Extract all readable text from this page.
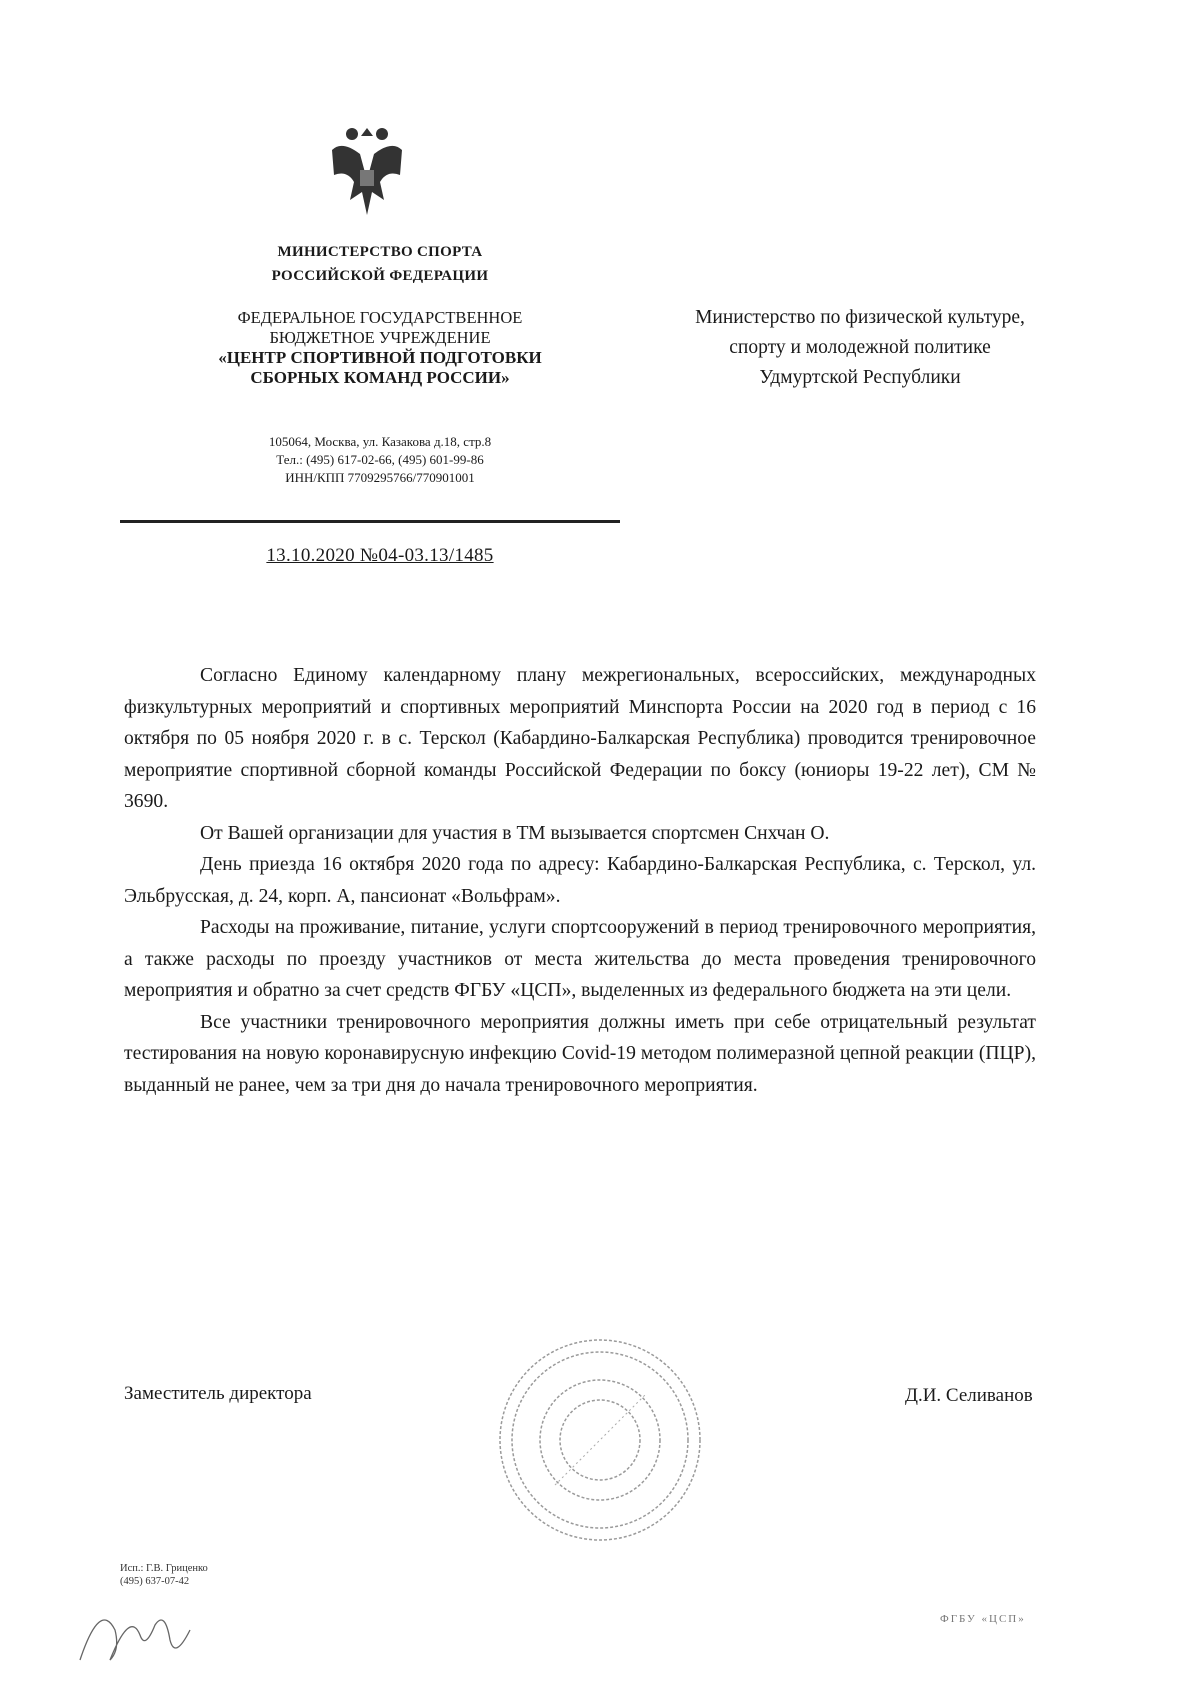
МИНИСТЕРСТВО СПОРТА
РОССИЙСКОЙ ФЕДЕРАЦИИ
ФЕДЕРАЛЬНОЕ ГОСУДАРСТВЕННОЕ
БЮДЖЕТНОЕ УЧРЕЖДЕНИЕ
«ЦЕНТР СПОРТИВНОЙ ПОДГОТОВКИ
СБОРНЫХ КОМАНД РОССИИ»
105064, Москва, ул. Казакова д.18, стр.8
Тел.: (495) 617-02-66, (495) 601-99-86
ИНН/КПП 7709295766/770901001
13.10.2020 №04-03.13/1485
Министерство по физической культуре,
спорту и молодежной политике
Удмуртской Республики

Согласно Единому календарному плану межрегиональных, всероссийских, международных физкультурных мероприятий и спортивных мероприятий Минспорта России на 2020 год в период с 16 октября по 05 ноября 2020 г. в с. Терскол (Кабардино-Балкарская Республика) проводится тренировочное мероприятие спортивной сборной команды Российской Федерации по боксу (юниоры 19-22 лет), СМ № 3690.

От Вашей организации для участия в ТМ вызывается спортсмен Снхчан О.

День приезда 16 октября 2020 года по адресу: Кабардино-Балкарская Республика, с. Терскол, ул. Эльбрусская, д. 24, корп. А, пансионат «Вольфрам».

Расходы на проживание, питание, услуги спортсооружений в период тренировочного мероприятия, а также расходы по проезду участников от места жительства до места проведения тренировочного мероприятия и обратно за счет средств ФГБУ «ЦСП», выделенных из федерального бюджета на эти цели.

Все участники тренировочного мероприятия должны иметь при себе отрицательный результат тестирования на новую коронавирусную инфекцию Covid-19 методом полимеразной цепной реакции (ПЦР), выданный не ранее, чем за три дня до начала тренировочного мероприятия.

Заместитель директора	Д.И. Селиванов
Исп.: Г.В. Гриценко
(495) 637-07-42
ФГБУ «ЦСП»
